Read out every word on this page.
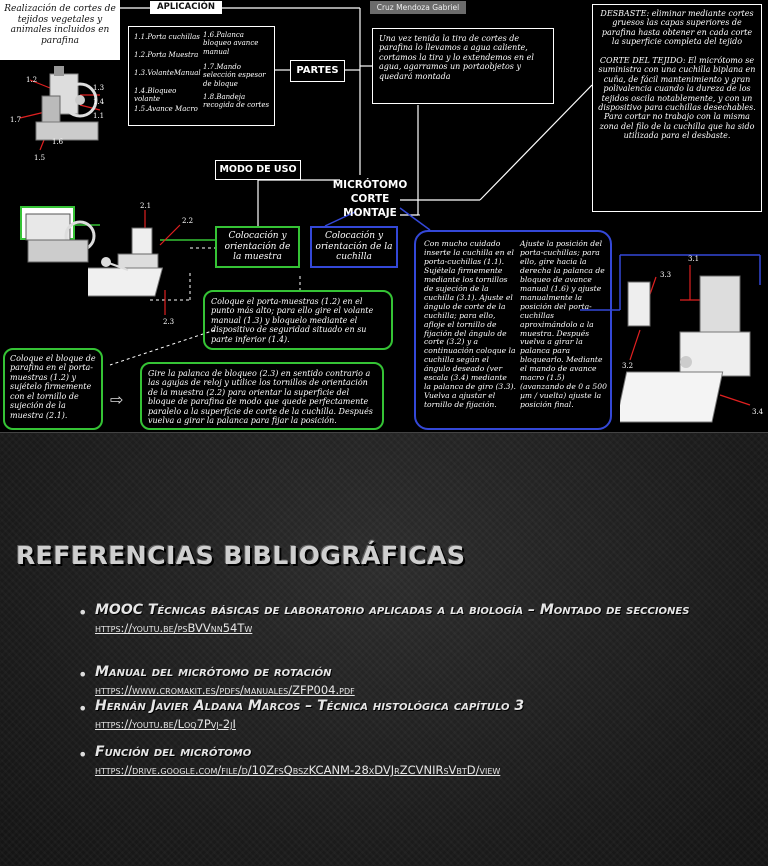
1.2
1.3
1.4
1.1
1.7
1.6
1.5
2.1
2.2
2.3
3.1
3.3
3.2
3.4
Realización de cortes de tejidos vegetales y animales incluidos en parafina
APLICACIÓN	Cruz Mendoza Gabriel
1.1.Porta cuchillas
1.2.Porta Muestra
1.3.VolanteManual
1.4.Bloqueo volante
1.5.Avance Macro
1.6.Palanca bloqueo avance manual
1.7.Mando selección espesor de bloque
1.8.Bandeja recogida de cortes
PARTES
Una vez tenida la tira de cortes de parafina lo llevamos a agua caliente, cortamos la tira y lo extendemos en el agua, agarramos un portaobjetos y quedará montada
DESBASTE: eliminar mediante cortes gruesos las capas superiores de parafina hasta obtener en cada corte la superficie completa del tejido
CORTE DEL TEJIDO: El micrótomo se suministra con una cuchilla biplana en cuña, de fácil mantenimiento y gran polivalencia cuando la dureza de los tejidos oscila notablemente, y con un dispositivo para cuchillas desechables. Para cortar no trabajo con la misma zona del filo de la cuchilla que ha sido utilizada para el desbaste.
MODO DE USO
MICRÓTOMO
CORTE
MONTAJE
Colocación y orientación de la muestra
Colocación y orientación de la cuchilla
Coloque el porta-muestras (1.2) en el punto más alto; para ello gire el volante manual (1.3) y bloquelo mediante el dispositivo de seguridad situado en su parte inferior (1.4).
Coloque el bloque de parafina en el porta-muestras (1.2) y sujételo firmemente con el tornillo de sujeción de la muestra (2.1).
⇨
Gire la palanca de bloqueo (2.3) en sentido contrario a las agujas de reloj y utilice los tornillos de orientación de la muestra (2.2) para orientar la superficie del bloque de parafina de modo que quede perfectamente paralelo a la superficie de corte de la cuchilla. Después vuelva a girar la palanca para fijar la posición.
Con mucho cuidado inserte la cuchilla en el porta-cuchillas (1.1). Sujétela firmemente mediante los tornillos de sujeción de la cuchilla (3.1). Ajuste el ángulo de corte de la cuchilla; para ello, afloje el tornillo de fijación del ángulo de corte (3.2) y a continuación coloque la cuchilla según el ángulo deseado (ver escala (3.4) mediante la palanca de giro (3.3). Vuelva a ajustar el tornillo de fijación.
Ajuste la posición del porta-cuchillas; para ello, gire hacia la derecha la palanca de bloqueo de avance manual (1.6) y ajuste manualmente la posición del porta-cuchillas aproximándolo a la muestra. Después vuelva a girar la palanca para bloquearlo. Mediante el mando de avance macro (1.5) (avanzando de 0 a 500 µm / vuelta) ajuste la posición final.
REFERENCIAS BIBLIOGRÁFICAS
• MOOC Técnicas básicas de laboratorio aplicadas a la biología – Montado de secciones
https://youtu.be/psBVVnn54Tw
• Manual del micrótomo de rotación
https://www.cromakit.es/pdfs/manuales/ZFP004.pdf
• Hernán Javier Aldana Marcos – Técnica histológica capítulo 3
https://youtu.be/Loq7Pvj-2jI
• Función del micrótomo
https://drive.google.com/file/d/10ZfsQbszKCANM-28xDVJrZCVNIRsVbtD/view
